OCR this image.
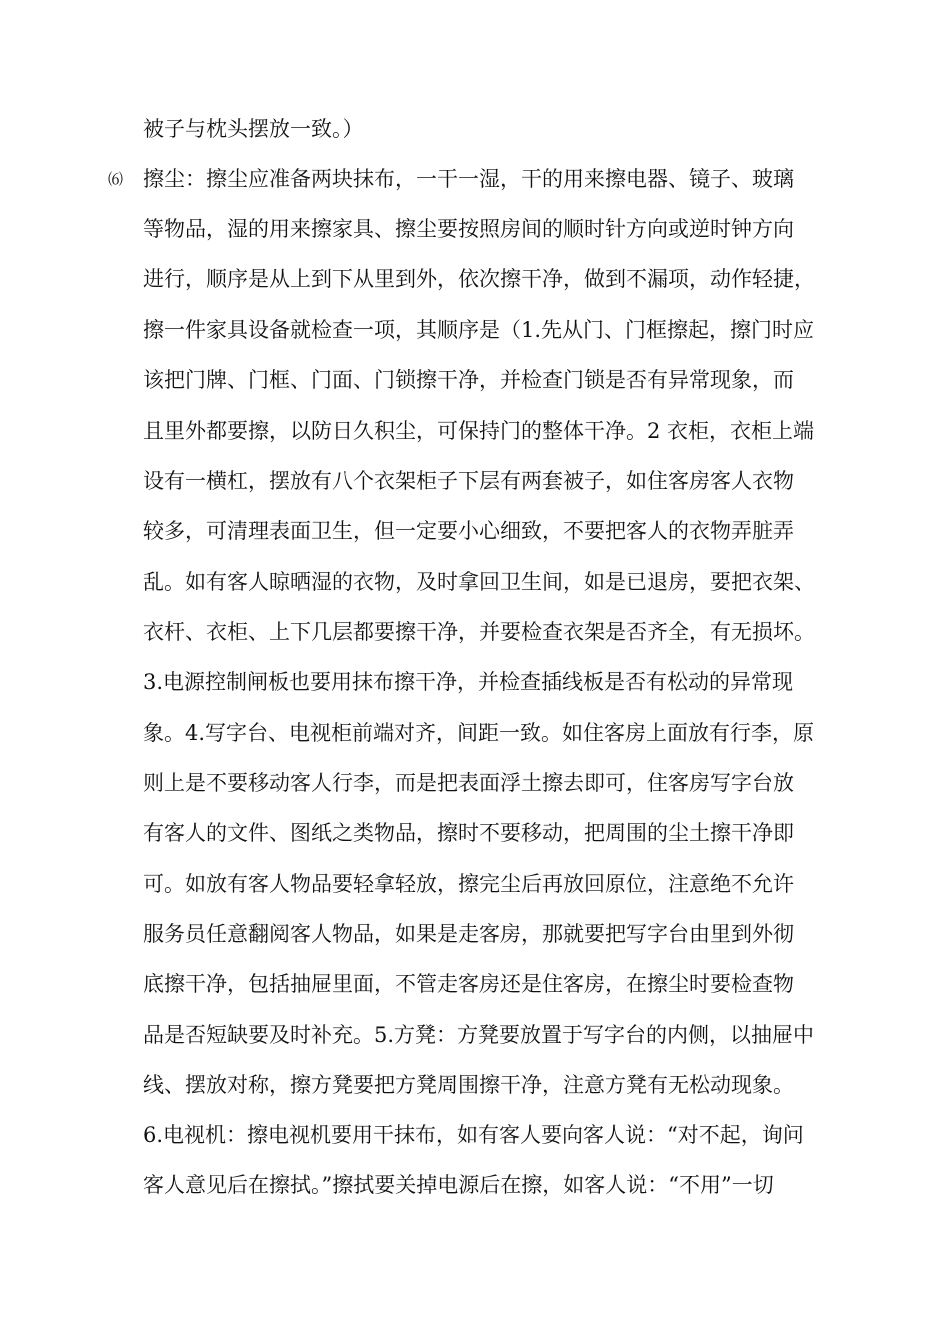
被子与枕头摆放一致。）
⑹ 擦尘：擦尘应准备两块抹布，一干一湿，干的用来擦电器、镜子、玻璃
等物品，湿的用来擦家具、擦尘要按照房间的顺时针方向或逆时钟方向
进行，顺序是从上到下从里到外，依次擦干净，做到不漏项，动作轻捷，
擦一件家具设备就检查一项，其顺序是（1.先从门、门框擦起，擦门时应
该把门牌、门框、门面、门锁擦干净，并检查门锁是否有异常现象，而
且里外都要擦，以防日久积尘，可保持门的整体干净。2 衣柜，衣柜上端
设有一横杠，摆放有八个衣架柜子下层有两套被子，如住客房客人衣物
较多，可清理表面卫生，但一定要小心细致，不要把客人的衣物弄脏弄
乱。如有客人晾晒湿的衣物，及时拿回卫生间，如是已退房，要把衣架、
衣杆、衣柜、上下几层都要擦干净，并要检查衣架是否齐全，有无损坏。
3.电源控制闸板也要用抹布擦干净，并检查插线板是否有松动的异常现
象。4.写字台、电视柜前端对齐，间距一致。如住客房上面放有行李，原
则上是不要移动客人行李，而是把表面浮土擦去即可，住客房写字台放
有客人的文件、图纸之类物品，擦时不要移动，把周围的尘土擦干净即
可。如放有客人物品要轻拿轻放，擦完尘后再放回原位，注意绝不允许
服务员任意翻阅客人物品，如果是走客房，那就要把写字台由里到外彻
底擦干净，包括抽屉里面，不管走客房还是住客房，在擦尘时要检查物
品是否短缺要及时补充。5.方凳：方凳要放置于写字台的内侧，以抽屉中
线、摆放对称，擦方凳要把方凳周围擦干净，注意方凳有无松动现象。
6.电视机：擦电视机要用干抹布，如有客人要向客人说：“对不起，询问
客人意见后在擦拭。”擦拭要关掉电源后在擦，如客人说：“不用”一切
